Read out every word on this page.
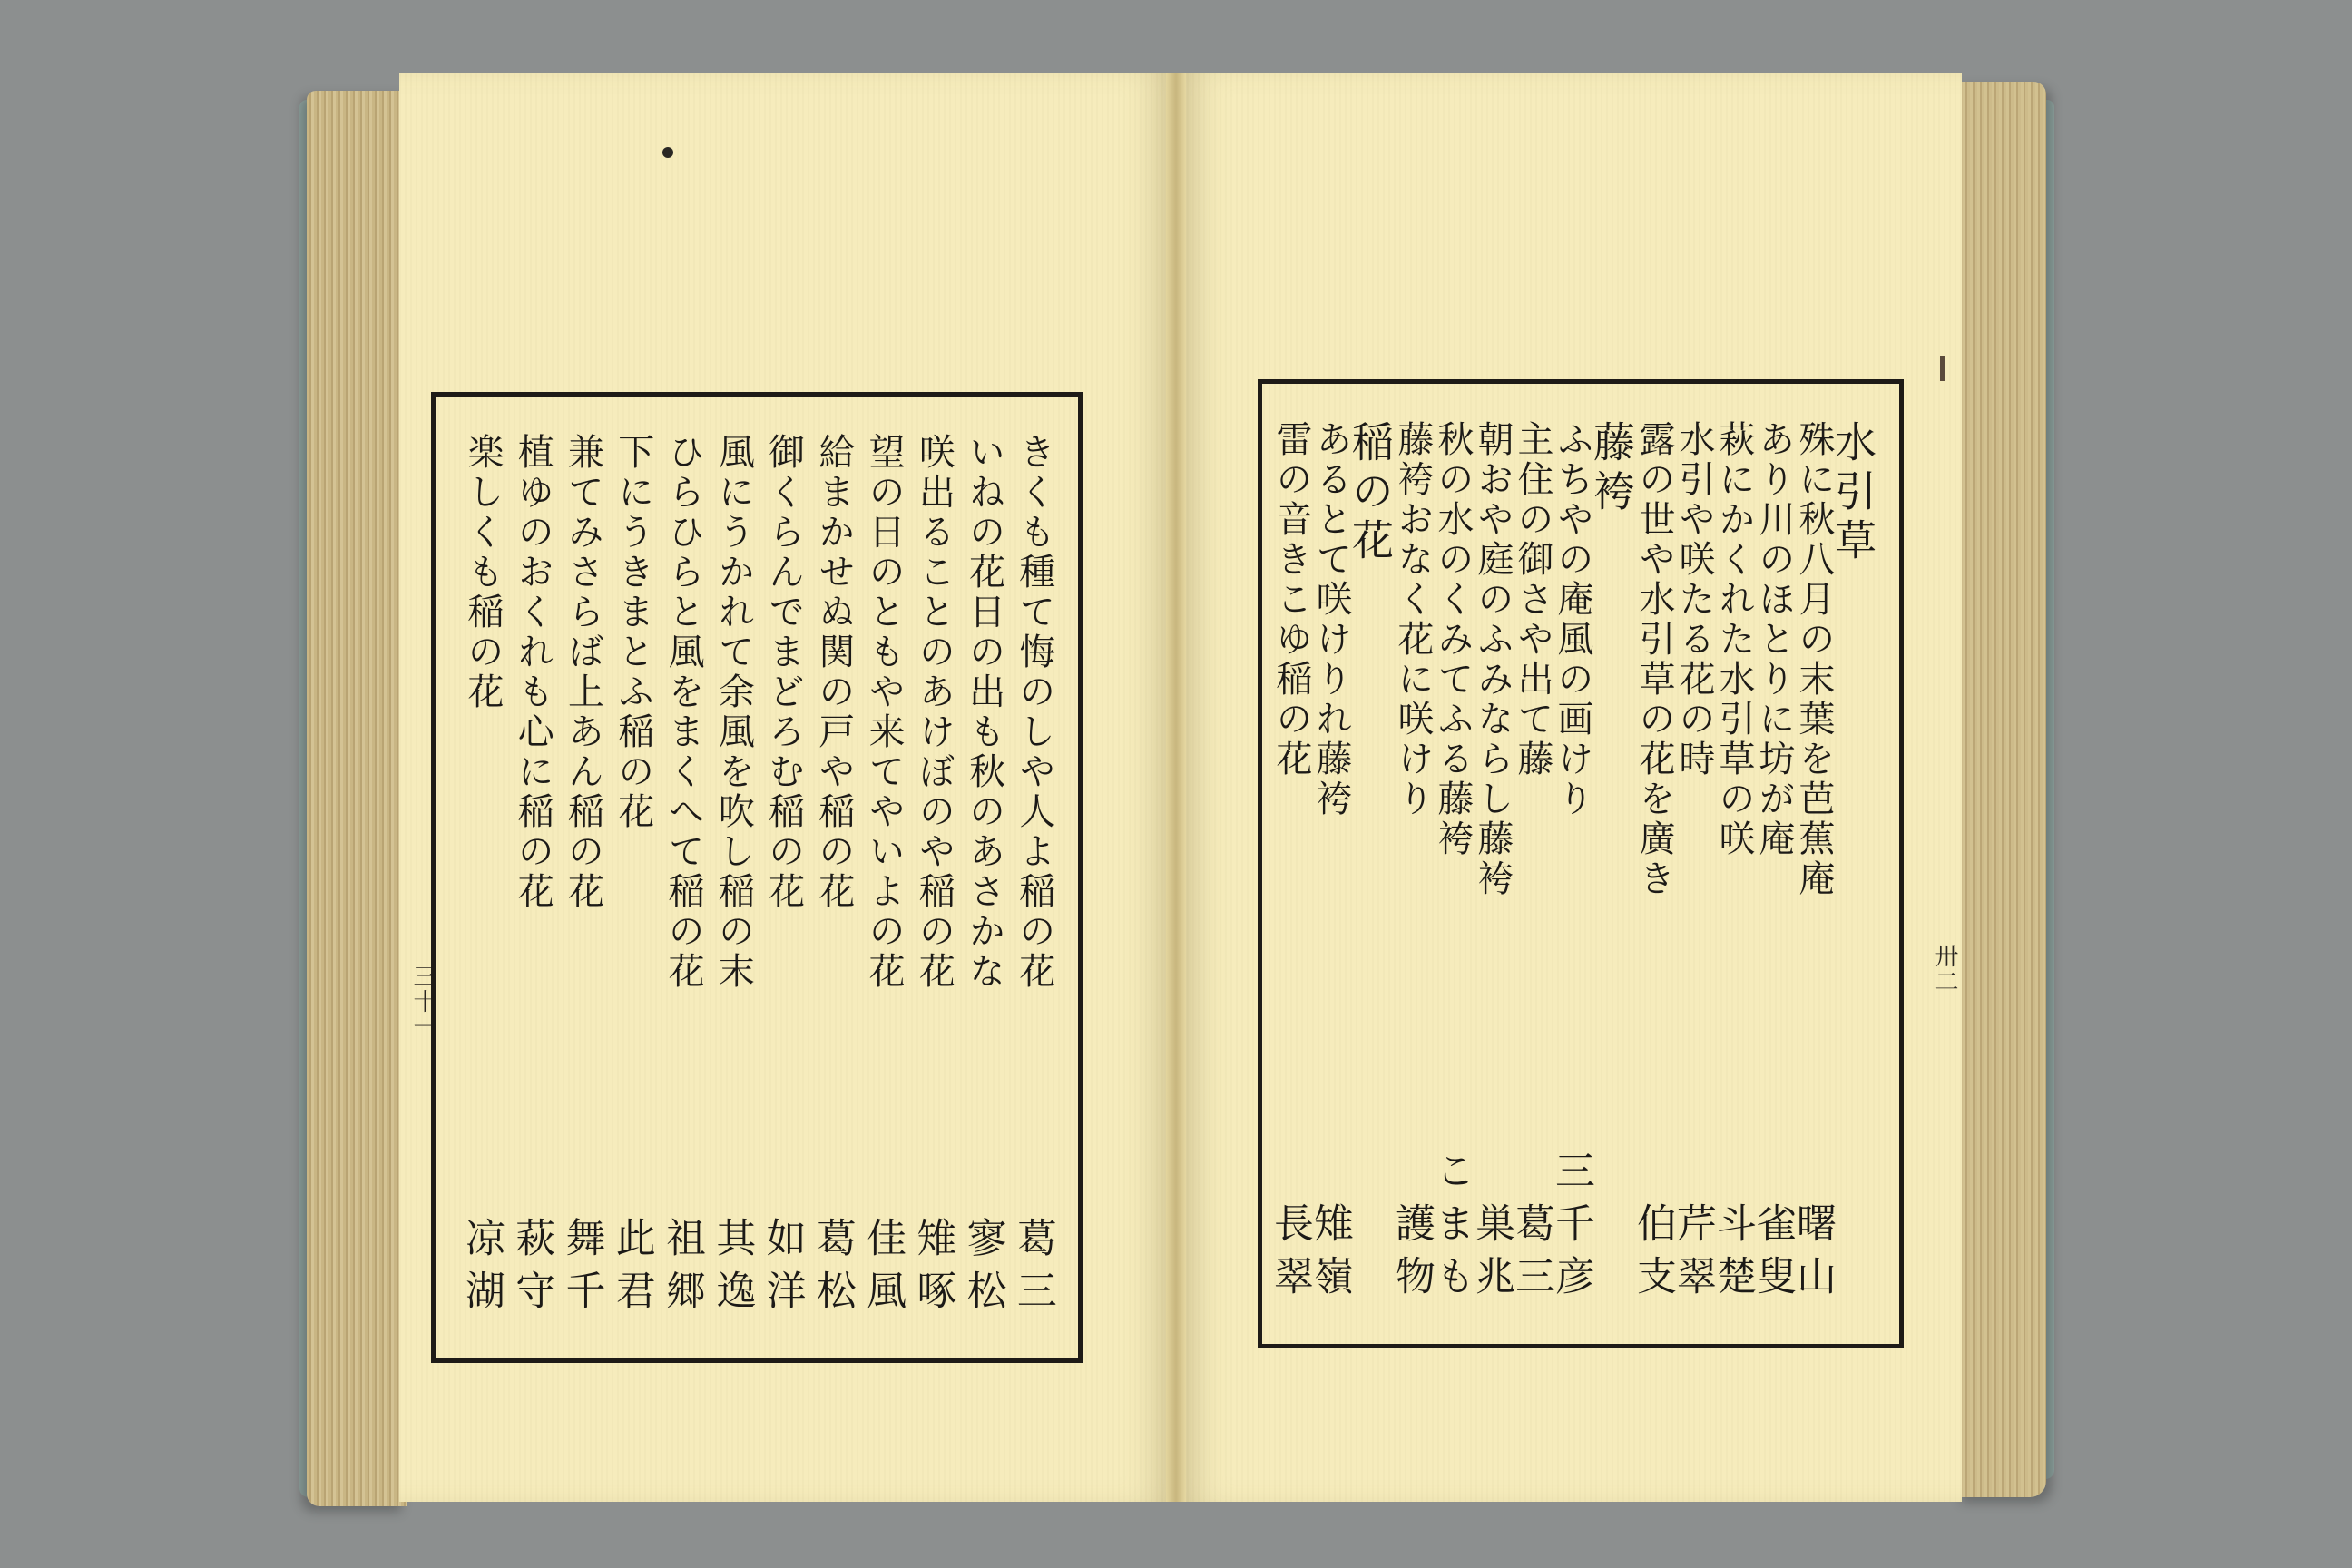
三十一	卅二
きくも種て悔のしや人よ稲の花
葛三
いねの花日の出も秋のあさかな
寥松
咲出ることのあけぼのや稲の花
雉啄
望の日のともや来てやいよの花
佳風
給まかせぬ関の戸や稲の花
葛松
御くらんでまどろむ稲の花
如洋
風にうかれて余風を吹し稲の末
其逸
ひらひらと風をまくへて稲の花
祖郷
下にうきまとふ稲の花
此君
兼てみさらば上あん稲の花
舞千
植ゆのおくれも心に稲の花
萩守
楽しくも稲の花
凉湖
水引草
殊に秋八月の末葉を芭蕉庵
曙山
あり川のほとりに坊が庵
雀叟
萩にかくれた水引草の咲
斗楚
水引や咲たる花の時
芹翠
露の世や水引草の花を廣き
伯支
藤袴
ふちやの庵風の画けり
三千彦
主住の御さや出て藤
葛三
朝おや庭のふみならし藤袴
巣兆
秋の水のくみてふる藤袴
こまも
藤袴おなく花に咲けり
護物
稲の花
あるとて咲けりれ藤袴
雉嶺
雷の音きこゆ稲の花
長翠
